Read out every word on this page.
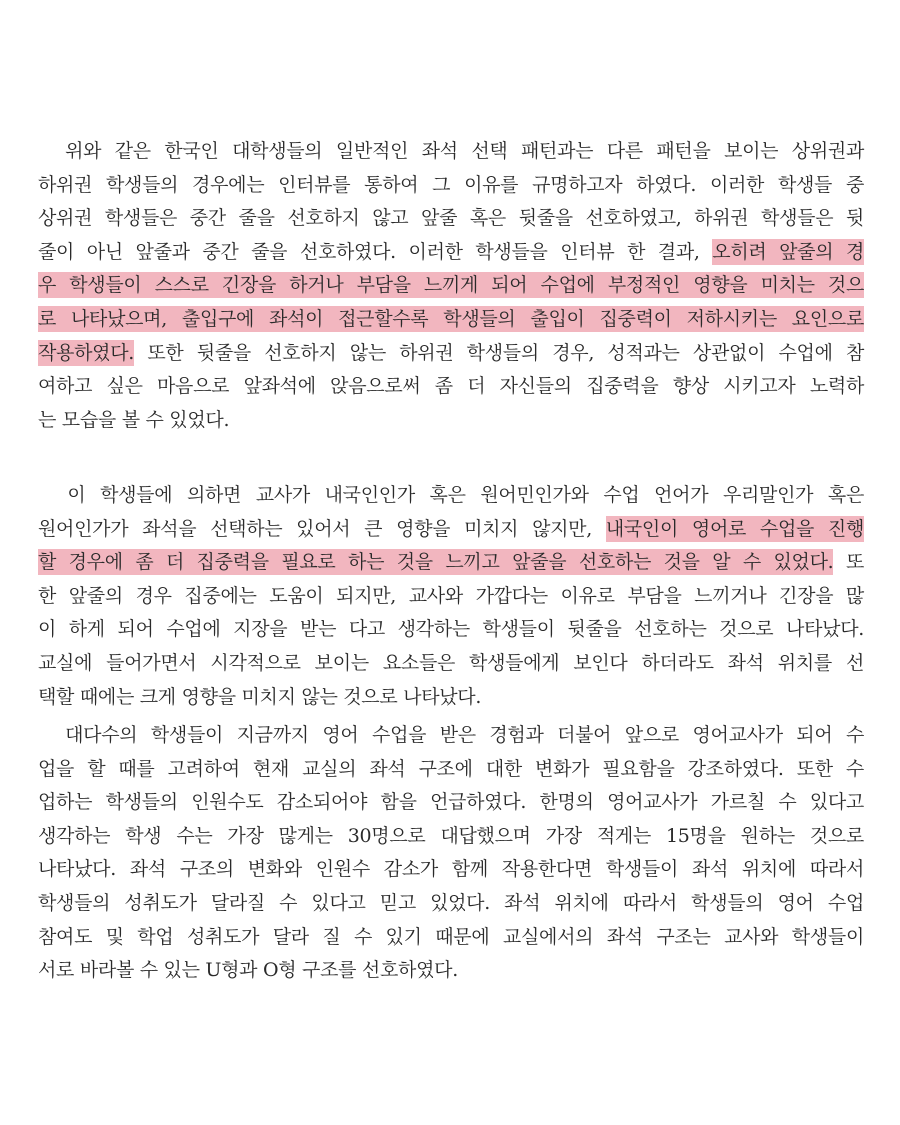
위와 같은 한국인 대학생들의 일반적인 좌석 선택 패턴과는 다른 패턴을 보이는 상위권과
하위권 학생들의 경우에는 인터뷰를 통하여 그 이유를 규명하고자 하였다. 이러한 학생들 중
상위권 학생들은 중간 줄을 선호하지 않고 앞줄 혹은 뒷줄을 선호하였고, 하위권 학생들은 뒷
줄이 아닌 앞줄과 중간 줄을 선호하였다. 이러한 학생들을 인터뷰 한 결과, 오히려 앞줄의 경
우 학생들이 스스로 긴장을 하거나 부담을 느끼게 되어 수업에 부정적인 영향을 미치는 것으
로 나타났으며, 출입구에 좌석이 접근할수록 학생들의 출입이 집중력이 저하시키는 요인으로
작용하였다. 또한 뒷줄을 선호하지 않는 하위권 학생들의 경우, 성적과는 상관없이 수업에 참
여하고 싶은 마음으로 앞좌석에 앉음으로써 좀 더 자신들의 집중력을 향상 시키고자 노력하
는 모습을 볼 수 있었다.
이 학생들에 의하면 교사가 내국인인가 혹은 원어민인가와 수업 언어가 우리말인가 혹은
원어인가가 좌석을 선택하는 있어서 큰 영향을 미치지 않지만, 내국인이 영어로 수업을 진행
할 경우에 좀 더 집중력을 필요로 하는 것을 느끼고 앞줄을 선호하는 것을 알 수 있었다. 또
한 앞줄의 경우 집중에는 도움이 되지만, 교사와 가깝다는 이유로 부담을 느끼거나 긴장을 많
이 하게 되어 수업에 지장을 받는 다고 생각하는 학생들이 뒷줄을 선호하는 것으로 나타났다.
교실에 들어가면서 시각적으로 보이는 요소들은 학생들에게 보인다 하더라도 좌석 위치를 선
택할 때에는 크게 영향을 미치지 않는 것으로 나타났다.
대다수의 학생들이 지금까지 영어 수업을 받은 경험과 더불어 앞으로 영어교사가 되어 수
업을 할 때를 고려하여 현재 교실의 좌석 구조에 대한 변화가 필요함을 강조하였다. 또한 수
업하는 학생들의 인원수도 감소되어야 함을 언급하였다. 한명의 영어교사가 가르칠 수 있다고
생각하는 학생 수는 가장 많게는 30명으로 대답했으며 가장 적게는 15명을 원하는 것으로
나타났다. 좌석 구조의 변화와 인원수 감소가 함께 작용한다면 학생들이 좌석 위치에 따라서
학생들의 성취도가 달라질 수 있다고 믿고 있었다. 좌석 위치에 따라서 학생들의 영어 수업
참여도 및 학업 성취도가 달라 질 수 있기 때문에 교실에서의 좌석 구조는 교사와 학생들이
서로 바라볼 수 있는 U형과 O형 구조를 선호하였다.
